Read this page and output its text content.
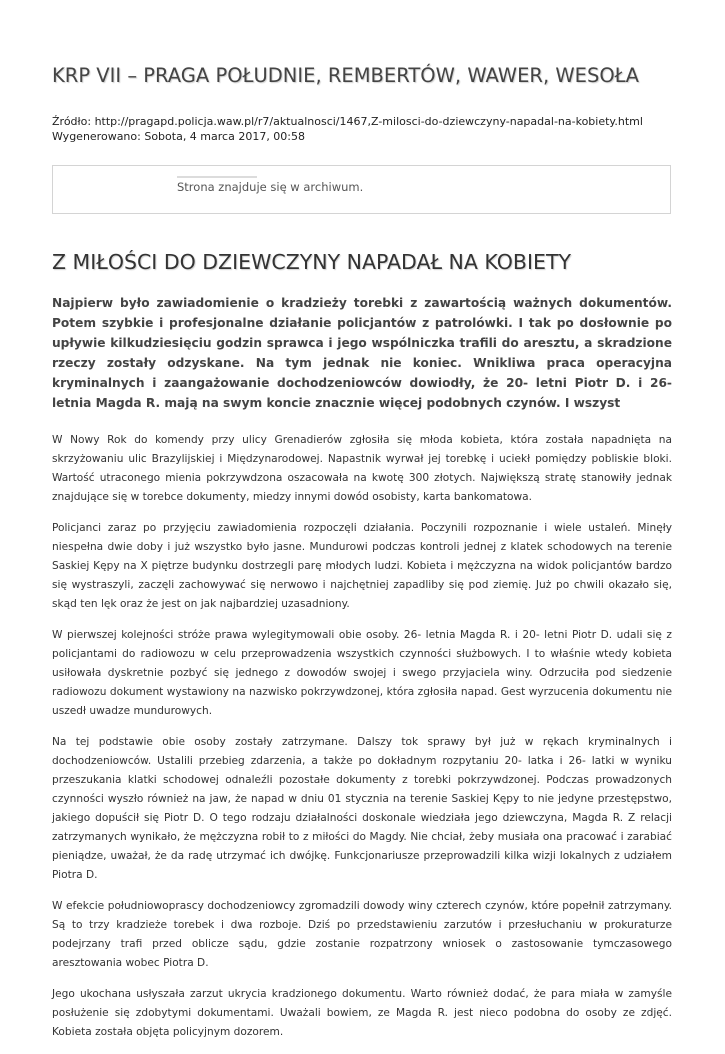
KRP VII – PRAGA POŁUDNIE, REMBERTÓW, WAWER, WESOŁA
Źródło: http://pragapd.policja.waw.pl/r7/aktualnosci/1467,Z-milosci-do-dziewczyny-napadal-na-kobiety.html
Wygenerowano: Sobota, 4 marca 2017, 00:58
Strona znajduje się w archiwum.
Z MIŁOŚCI DO DZIEWCZYNY NAPADAŁ NA KOBIETY

Najpierw było zawiadomienie o kradzieży torebki z zawartością ważnych dokumentów. Potem szybkie i profesjonalne działanie policjantów z patrolówki. I tak po dosłownie po upływie kilkudziesięciu godzin sprawca i jego wspólniczka trafili do aresztu, a skradzione rzeczy zostały odzyskane. Na tym jednak nie koniec. Wnikliwa praca operacyjna kryminalnych i zaangażowanie dochodzeniowców dowiodły, że 20- letni Piotr D. i 26- letnia Magda R. mają na swym koncie znacznie więcej podobnych czynów. I wszyst

W Nowy Rok do komendy przy ulicy Grenadierów zgłosiła się młoda kobieta, która została napadnięta na skrzyżowaniu ulic Brazylijskiej i Międzynarodowej. Napastnik wyrwał jej torebkę i uciekł pomiędzy pobliskie bloki. Wartość utraconego mienia pokrzywdzona oszacowała na kwotę 300 złotych. Największą stratę stanowiły jednak znajdujące się w torebce dokumenty, miedzy innymi dowód osobisty, karta bankomatowa.

Policjanci zaraz po przyjęciu zawiadomienia rozpoczęli działania. Poczynili rozpoznanie i wiele ustaleń. Minęły niespełna dwie doby i już wszystko było jasne. Mundurowi podczas kontroli jednej z klatek schodowych na terenie Saskiej Kępy na X piętrze budynku dostrzegli parę młodych ludzi. Kobieta i mężczyzna na widok policjantów bardzo się wystraszyli, zaczęli zachowywać się nerwowo i najchętniej zapadliby się pod ziemię. Już po chwili okazało się, skąd ten lęk oraz że jest on jak najbardziej uzasadniony.

W pierwszej kolejności stróże prawa wylegitymowali obie osoby. 26- letnia Magda R. i 20- letni Piotr D. udali się z policjantami do radiowozu w celu przeprowadzenia wszystkich czynności służbowych. I to właśnie wtedy kobieta usiłowała dyskretnie pozbyć się jednego z dowodów swojej i swego przyjaciela winy. Odrzuciła pod siedzenie radiowozu dokument wystawiony na nazwisko pokrzywdzonej, która zgłosiła napad. Gest wyrzucenia dokumentu nie uszedł uwadze mundurowych.

Na tej podstawie obie osoby zostały zatrzymane. Dalszy tok sprawy był już w rękach kryminalnych i dochodzeniowców. Ustalili przebieg zdarzenia, a także po dokładnym rozpytaniu 20- latka i 26- latki w wyniku przeszukania klatki schodowej odnaleźli pozostałe dokumenty z torebki pokrzywdzonej. Podczas prowadzonych czynności wyszło również na jaw, że napad w dniu 01 stycznia na terenie Saskiej Kępy to nie jedyne przestępstwo, jakiego dopuścił się Piotr D. O tego rodzaju działalności doskonale wiedziała jego dziewczyna, Magda R. Z relacji zatrzymanych wynikało, że mężczyzna robił to z miłości do Magdy. Nie chciał, żeby musiała ona pracować i zarabiać pieniądze, uważał, że da radę utrzymać ich dwójkę. Funkcjonariusze przeprowadzili kilka wizji lokalnych z udziałem Piotra D.

W efekcie południowoprascy dochodzeniowcy zgromadzili dowody winy czterech czynów, które popełnił zatrzymany. Są to trzy kradzieże torebek i dwa rozboje. Dziś po przedstawieniu zarzutów i przesłuchaniu w prokuraturze podejrzany trafi przed oblicze sądu, gdzie zostanie rozpatrzony wniosek o zastosowanie tymczasowego aresztowania wobec Piotra D.

Jego ukochana usłyszała zarzut ukrycia kradzionego dokumentu. Warto również dodać, że para miała w zamyśle posłużenie się zdobytymi dokumentami. Uważali bowiem, ze Magda R. jest nieco podobna do osoby ze zdjęć. Kobieta została objęta policyjnym dozorem.
